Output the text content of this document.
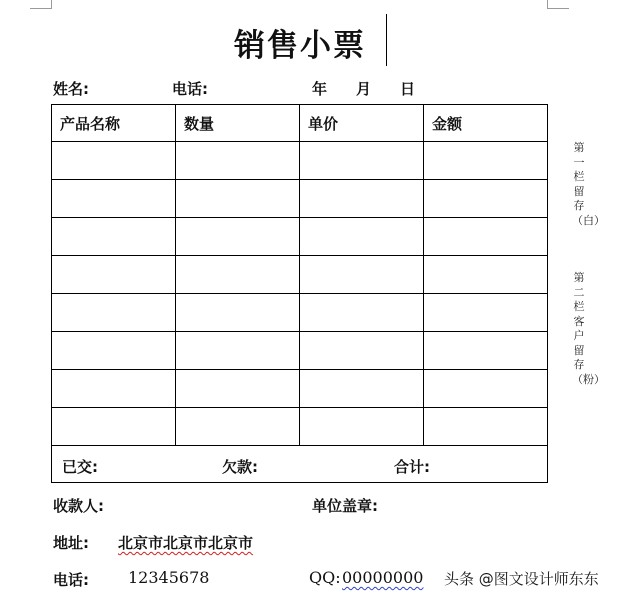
销售小票
姓名:	电话:	年 月 日
产品名称	数量	单价	金额

已交: 欠款: 合计:			
第一栏留存（白）
第二栏客户留存（粉）
收款人:	单位盖章:
地址: 北京市北京市北京市
电话: 12345678	QQ: 00000000 头条 @图文设计师东东
